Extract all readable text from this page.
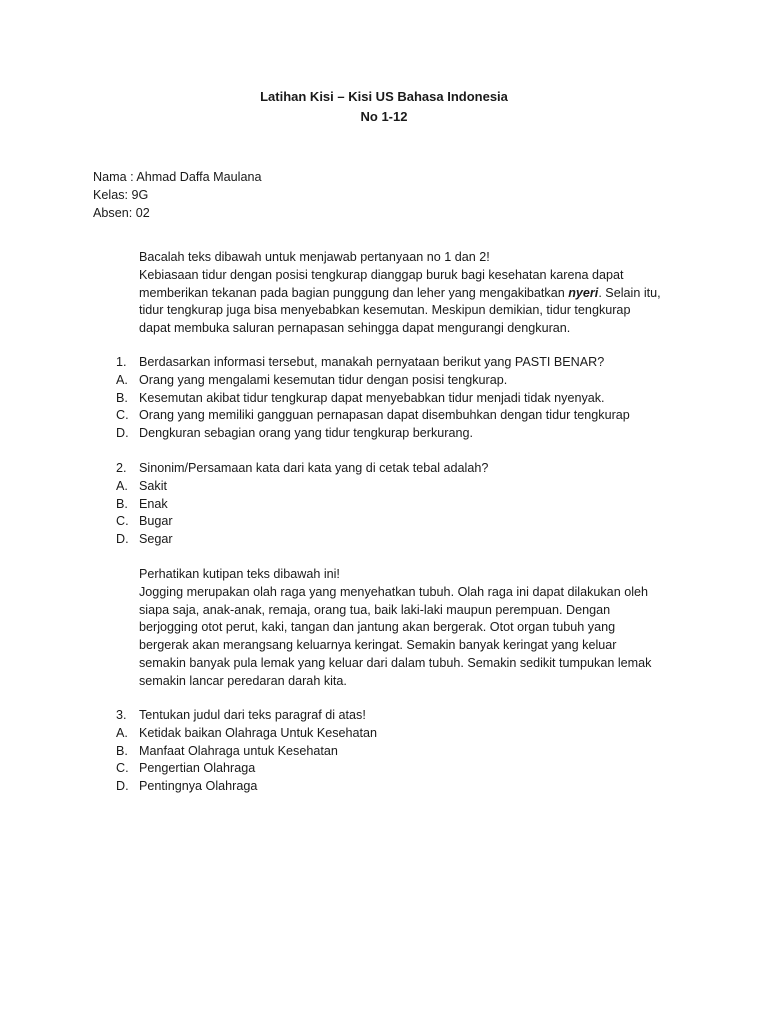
Latihan Kisi – Kisi US Bahasa Indonesia
No 1-12
Nama : Ahmad Daffa Maulana
Kelas: 9G
Absen: 02
Bacalah teks dibawah untuk menjawab pertanyaan no 1 dan 2!
Kebiasaan tidur dengan posisi tengkurap dianggap buruk bagi kesehatan karena dapat
memberikan tekanan pada bagian punggung dan leher yang mengakibatkan nyeri. Selain itu,
tidur tengkurap juga bisa menyebabkan kesemutan. Meskipun demikian, tidur tengkurap
dapat membuka saluran pernapasan sehingga dapat mengurangi dengkuran.
1. Berdasarkan informasi tersebut, manakah pernyataan berikut yang PASTI BENAR?
A. Orang yang mengalami kesemutan tidur dengan posisi tengkurap.
B. Kesemutan akibat tidur tengkurap dapat menyebabkan tidur menjadi tidak nyenyak.
C. Orang yang memiliki gangguan pernapasan dapat disembuhkan dengan tidur tengkurap
D. Dengkuran sebagian orang yang tidur tengkurap berkurang.
2. Sinonim/Persamaan kata dari kata yang di cetak tebal adalah?
A. Sakit
B. Enak
C. Bugar
D. Segar
Perhatikan kutipan teks dibawah ini!
Jogging merupakan olah raga yang menyehatkan tubuh. Olah raga ini dapat dilakukan oleh
siapa saja, anak-anak, remaja, orang tua, baik laki-laki maupun perempuan. Dengan
berjogging otot perut, kaki, tangan dan jantung akan bergerak. Otot organ tubuh yang
bergerak akan merangsang keluarnya keringat. Semakin banyak keringat yang keluar
semakin banyak pula lemak yang keluar dari dalam tubuh. Semakin sedikit tumpukan lemak
semakin lancar peredaran darah kita.
3. Tentukan judul dari teks paragraf di atas!
A. Ketidak baikan Olahraga Untuk Kesehatan
B. Manfaat Olahraga untuk Kesehatan
C. Pengertian Olahraga
D. Pentingnya Olahraga
